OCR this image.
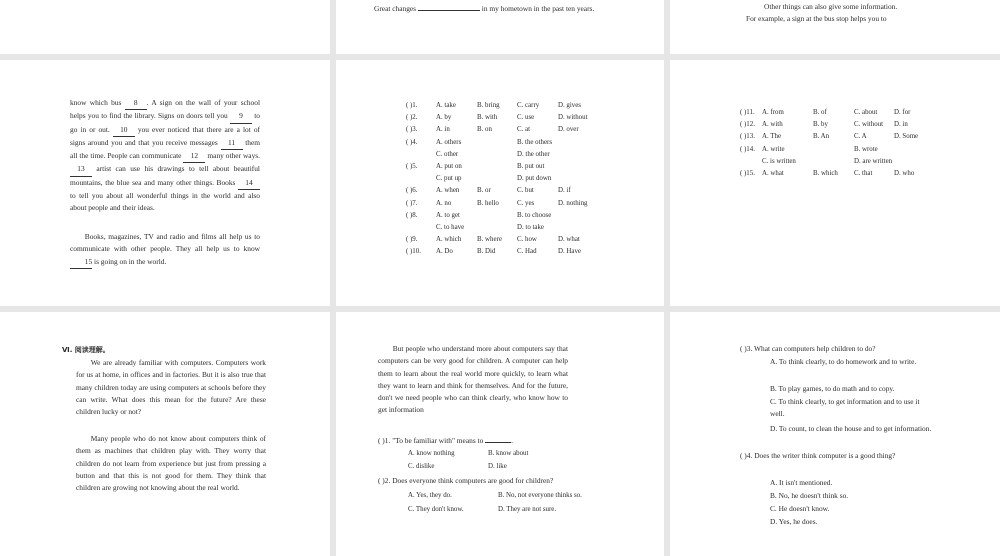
Great changes	in my hometown in the past ten years.	Other things can also give some information.
For example, a sign at the bus stop helps you to
know which bus 8 . A sign on the wall of your school helps you to find the library. Signs on doors tell you 9 to go in or out. 10 you ever noticed that there are a lot of signs around you and that you receive messages 11 them all the time. People can communicate 12 many other ways. 13 artist can use his drawings to tell about beautiful mountains, the blue sea and many other things. Books 14 to tell you about all wonderful things in the world and also about people and their ideas.
Books, magazines, TV and radio and films all help us to communicate with other people. They all help us to know 15 is going on in the world.
( )1.	A. take	B. bring	C. carry	D. gives
( )2.	A. by	B. with	C. use	D. without
( )3.	A. in	B. on	C. at	D. over
( )4.	A. others	B. the others
C. other	D. the other
( )5.	A. put on	B. put out
C. put up	D. put down
( )6.	A. when	B. or	C. but	D. if
( )7.	A. no	B. hello	C. yes	D. nothing
( )8.	A. to get	B. to choose
C. to have	D. to take
( )9.	A. which B. where C. how	D. what
( )10. A. Do	B. Did	C. Had	D. Have
( )11. A. from	B. of	C. about D. for
( )12. A. with	B. by	C. without D. in
( )13. A. The	B. An	C. A	D. Some
( )14. A. write	B. wrote
C. is written	D. are written
( )15. A. what	B. which C. that	D. who
Ⅵ. 阅读理解。
We are already familiar with computers. Computers work for us at home, in offices and in factories. But it is also true that many children today are using computers at schools before they can write. What does this mean for the future? Are these children lucky or not?
Many people who do not know about computers think of them as machines that children play with. They worry that children do not learn from experience but just from pressing a button and that this is not good for them. They think that children are growing not knowing about the real world.
But people who understand more about computers say that computers can be very good for children. A computer can help them to learn about the real world more quickly, to learn what they want to learn and think for themselves. And for the future, don't we need people who can think clearly, who know how to get information
( )1. "To be familiar with" means to	.
A. know nothing	B. know about
C. dislike	D. like
( )2. Does everyone think computers are good for children?
A. Yes, they do.	B. No, not everyone thinks so.
C. They don't know.	D. They are not sure.
( )3. What can computers help children to do?
A. To think clearly, to do homework and to write.
B. To play games, to do math and to copy.
C. To think clearly, to get information and to use it well.
D. To count, to clean the house and to get information.
( )4. Does the writer think computer is a good thing?
A. It isn't mentioned.
B. No, he doesn't think so.
C. He doesn't know.
D. Yes, he does.
